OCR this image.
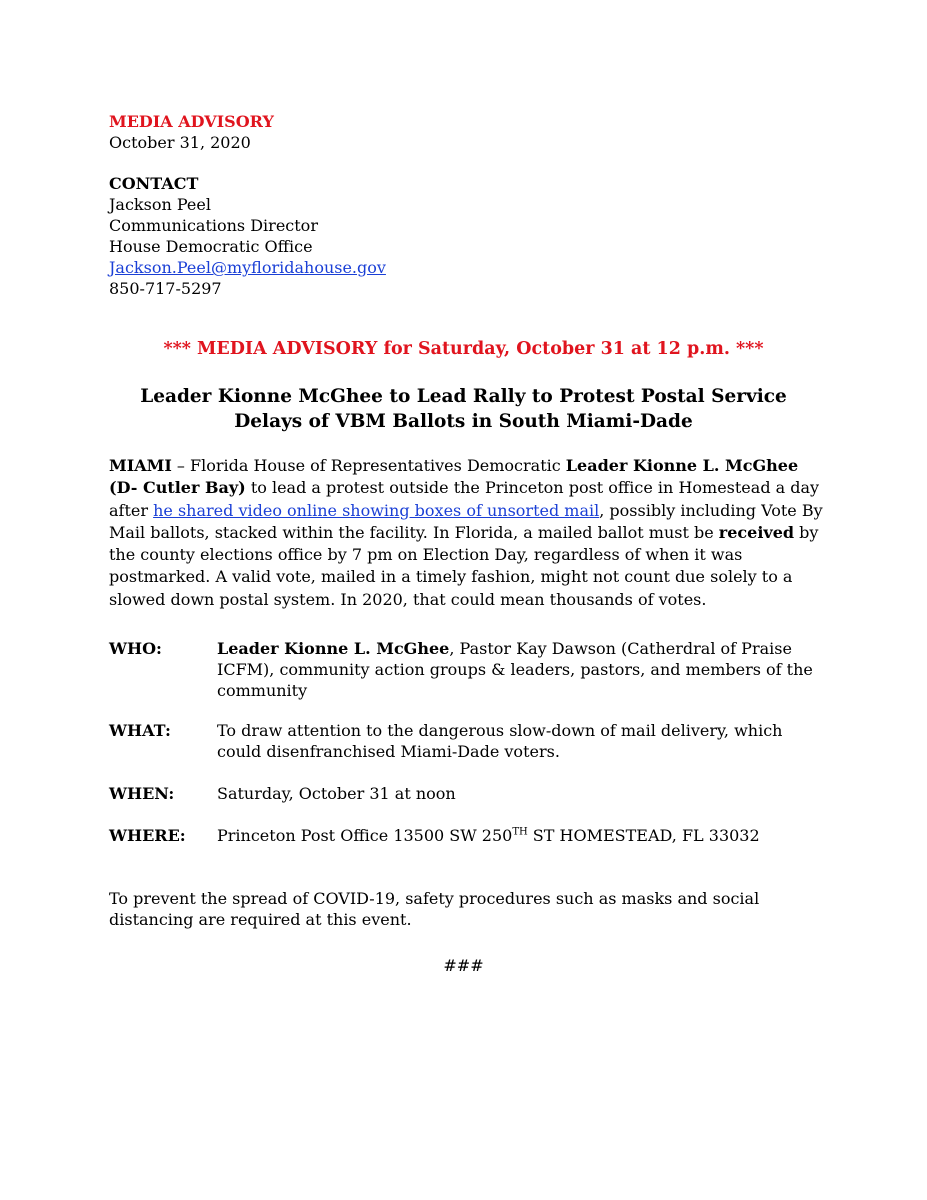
MEDIA ADVISORY
October 31, 2020
CONTACT
Jackson Peel
Communications Director
House Democratic Office
Jackson.Peel@myfloridahouse.gov
850-717-5297
*** MEDIA ADVISORY for Saturday, October 31 at 12 p.m. ***
Leader Kionne McGhee to Lead Rally to Protest Postal Service
Delays of VBM Ballots in South Miami-Dade
MIAMI – Florida House of Representatives Democratic Leader Kionne L. McGhee
(D- Cutler Bay) to lead a protest outside the Princeton post office in Homestead a day
after he shared video online showing boxes of unsorted mail, possibly including Vote By
Mail ballots, stacked within the facility. In Florida, a mailed ballot must be received by
the county elections office by 7 pm on Election Day, regardless of when it was
postmarked. A valid vote, mailed in a timely fashion, might not count due solely to a
slowed down postal system. In 2020, that could mean thousands of votes.
WHO:	Leader Kionne L. McGhee, Pastor Kay Dawson (Catherdral of Praise
ICFM), community action groups & leaders, pastors, and members of the
community
WHAT:	To draw attention to the dangerous slow-down of mail delivery, which
could disenfranchised Miami-Dade voters.
WHEN:	Saturday, October 31 at noon
WHERE: Princeton Post Office 13500 SW 250TH ST HOMESTEAD, FL 33032
To prevent the spread of COVID-19, safety procedures such as masks and social
distancing are required at this event.
###
